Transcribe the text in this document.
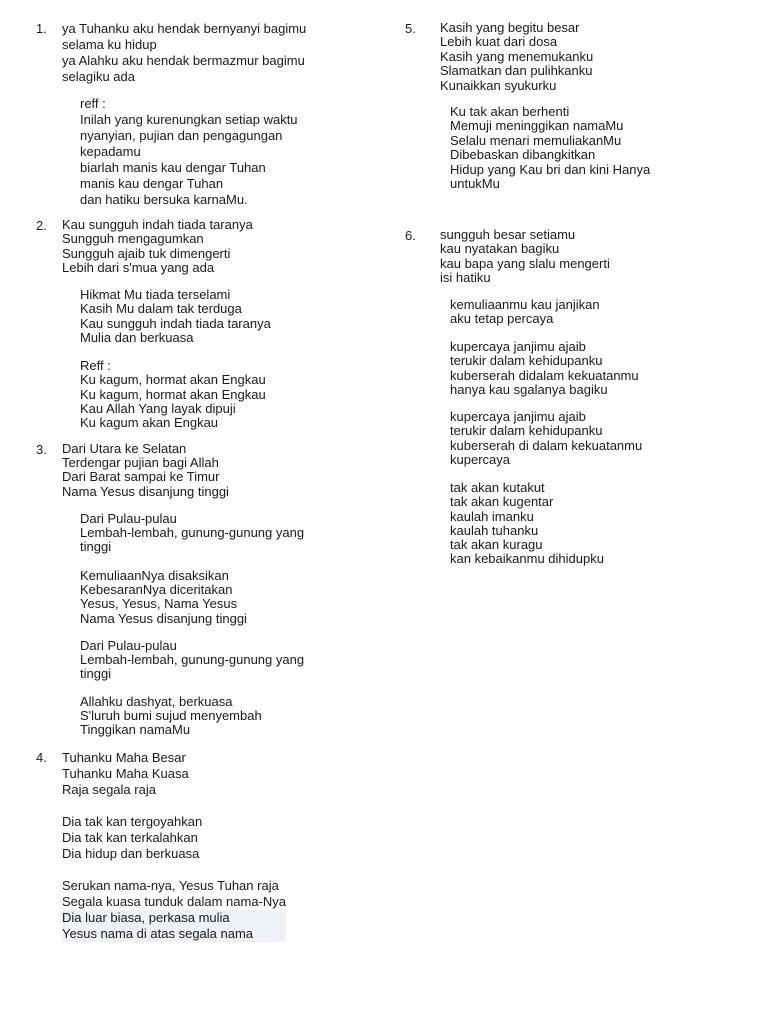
1. ya Tuhanku aku hendak bernyanyi bagimu
selama ku hidup
ya Alahku aku hendak bermazmur bagimu
selagiku ada
reff :
Inilah yang kurenungkan setiap waktu
nyanyian, pujian dan pengagungan
kepadamu
biarlah manis kau dengar Tuhan
manis kau dengar Tuhan
dan hatiku bersuka karnaMu.
2. Kau sungguh indah tiada taranya
Sungguh mengagumkan
Sungguh ajaib tuk dimengerti
Lebih dari s'mua yang ada
Hikmat Mu tiada terselami
Kasih Mu dalam tak terduga
Kau sungguh indah tiada taranya
Mulia dan berkuasa
Reff :
Ku kagum, hormat akan Engkau
Ku kagum, hormat akan Engkau
Kau Allah Yang layak dipuji
Ku kagum akan Engkau
3. Dari Utara ke Selatan
Terdengar pujian bagi Allah
Dari Barat sampai ke Timur
Nama Yesus disanjung tinggi
Dari Pulau-pulau
Lembah-lembah, gunung-gunung yang
tinggi
KemuliaanNya disaksikan
KebesaranNya diceritakan
Yesus, Yesus, Nama Yesus
Nama Yesus disanjung tinggi
Dari Pulau-pulau
Lembah-lembah, gunung-gunung yang
tinggi
Allahku dashyat, berkuasa
S'luruh bumi sujud menyembah
Tinggikan namaMu
4. Tuhanku Maha Besar
Tuhanku Maha Kuasa
Raja segala raja
Dia tak kan tergoyahkan
Dia tak kan terkalahkan
Dia hidup dan berkuasa
Serukan nama-nya, Yesus Tuhan raja
Segala kuasa tunduk dalam nama-Nya
Dia luar biasa, perkasa mulia
Yesus nama di atas segala nama
5. Kasih yang begitu besar
Lebih kuat dari dosa
Kasih yang menemukanku
Slamatkan dan pulihkanku
Kunaikkan syukurku
Ku tak akan berhenti
Memuji meninggikan namaMu
Selalu menari memuliakanMu
Dibebaskan dibangkitkan
Hidup yang Kau bri dan kini Hanya
untukMu
6. sungguh besar setiamu
kau nyatakan bagiku
kau bapa yang slalu mengerti
isi hatiku
kemuliaanmu kau janjikan
aku tetap percaya
kupercaya janjimu ajaib
terukir dalam kehidupanku
kuberserah didalam kekuatanmu
hanya kau sgalanya bagiku
kupercaya janjimu ajaib
terukir dalam kehidupanku
kuberserah di dalam kekuatanmu
kupercaya
tak akan kutakut
tak akan kugentar
kaulah imanku
kaulah tuhanku
tak akan kuragu
kan kebaikanmu dihidupku
